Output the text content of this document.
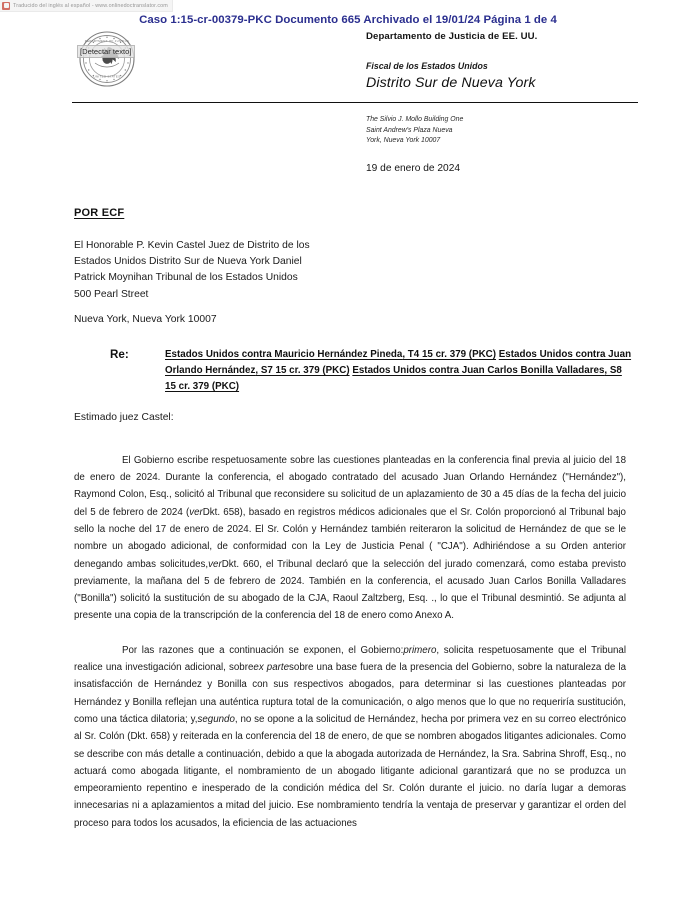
Traducido del inglés al español - www.onlinedoctranslator.com
Caso 1:15-cr-00379-PKC Documento 665 Archivado el 19/01/24 Página 1 de 4
DEPARTMENT OF JUSTICE
UNITED STATES
[Detectar texto]
Departamento de Justicia de EE. UU.
Fiscal de los Estados Unidos
Distrito Sur de Nueva York
The Silvio J. Mollo Building One
Saint Andrew's Plaza Nueva
York, Nueva York 10007
19 de enero de 2024
POR ECF
El Honorable P. Kevin Castel Juez de Distrito de los
Estados Unidos Distrito Sur de Nueva York Daniel
Patrick Moynihan Tribunal de los Estados Unidos
500 Pearl Street
Nueva York, Nueva York 10007
Re:	Estados Unidos contra Mauricio Hernández Pineda, T4 15 cr. 379 (PKC) Estados Unidos contra Juan Orlando Hernández, S7 15 cr. 379 (PKC) Estados Unidos contra Juan Carlos Bonilla Valladares, S8 15 cr. 379 (PKC)
Estimado juez Castel:

El Gobierno escribe respetuosamente sobre las cuestiones planteadas en la conferencia final previa al juicio del 18 de enero de 2024. Durante la conferencia, el abogado contratado del acusado Juan Orlando Hernández ("Hernández"), Raymond Colon, Esq., solicitó al Tribunal que reconsidere su solicitud de un aplazamiento de 30 a 45 días de la fecha del juicio del 5 de febrero de 2024 (verDkt. 658), basado en registros médicos adicionales que el Sr. Colón proporcionó al Tribunal bajo sello la noche del 17 de enero de 2024. El Sr. Colón y Hernández también reiteraron la solicitud de Hernández de que se le nombre un abogado adicional, de conformidad con la Ley de Justicia Penal ( "CJA"). Adhiriéndose a su Orden anterior denegando ambas solicitudes,verDkt. 660, el Tribunal declaró que la selección del jurado comenzará, como estaba previsto previamente, la mañana del 5 de febrero de 2024. También en la conferencia, el acusado Juan Carlos Bonilla Valladares ("Bonilla") solicitó la sustitución de su abogado de la CJA, Raoul Zaltzberg, Esq. ., lo que el Tribunal desmintió. Se adjunta al presente una copia de la transcripción de la conferencia del 18 de enero como Anexo A.

Por las razones que a continuación se exponen, el Gobierno:primero, solicita respetuosamente que el Tribunal realice una investigación adicional, sobreex partesobre una base fuera de la presencia del Gobierno, sobre la naturaleza de la insatisfacción de Hernández y Bonilla con sus respectivos abogados, para determinar si las cuestiones planteadas por Hernández y Bonilla reflejan una auténtica ruptura total de la comunicación, o algo menos que lo que no requeriría sustitución, como una táctica dilatoria; y,segundo, no se opone a la solicitud de Hernández, hecha por primera vez en su correo electrónico al Sr. Colón (Dkt. 658) y reiterada en la conferencia del 18 de enero, de que se nombren abogados litigantes adicionales. Como se describe con más detalle a continuación, debido a que la abogada autorizada de Hernández, la Sra. Sabrina Shroff, Esq., no actuará como abogada litigante, el nombramiento de un abogado litigante adicional garantizará que no se produzca un empeoramiento repentino e inesperado de la condición médica del Sr. Colón durante el juicio. no daría lugar a demoras innecesarias ni a aplazamientos a mitad del juicio. Ese nombramiento tendría la ventaja de preservar y garantizar el orden del proceso para todos los acusados, la eficiencia de las actuaciones
